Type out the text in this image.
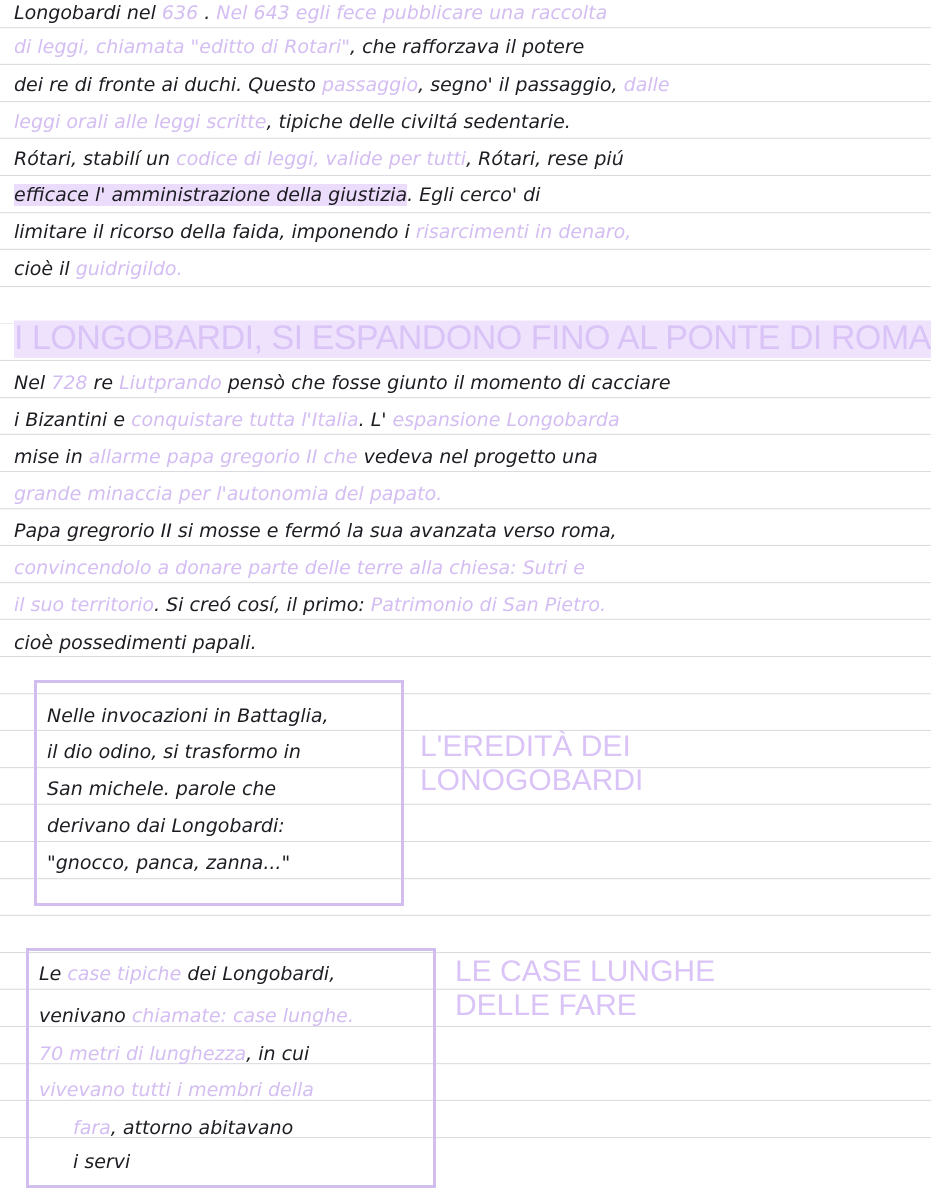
Longobardi nel 636 . Nel 643 egli fece pubblicare una raccolta
di leggi, chiamata "editto di Rotari", che rafforzava il potere
dei re di fronte ai duchi. Questo passaggio, segno' il passaggio, dalle
leggi orali alle leggi scritte, tipiche delle civiltá sedentarie.
Rótari, stabilí un codice di leggi, valide per tutti, Rótari, rese piú
efficace l' amministrazione della giustizia. Egli cerco' di
limitare il ricorso della faida, imponendo i risarcimenti in denaro,
cioè il guidrigildo.
I LONGOBARDI, SI ESPANDONO FINO AL PONTE DI ROMA
Nel 728 re Liutprando pensò che fosse giunto il momento di cacciare
i Bizantini e conquistare tutta l'Italia. L' espansione Longobarda
mise in allarme papa gregorio II che vedeva nel progetto una
grande minaccia per l'autonomia del papato.
Papa gregrorio II si mosse e fermó la sua avanzata verso roma,
convincendolo a donare parte delle terre alla chiesa: Sutri e
il suo territorio. Si creó cosí, il primo: Patrimonio di San Pietro.
cioè possedimenti papali.
Nelle invocazioni in Battaglia,
il dio odino, si trasformo in
San michele. parole che
derivano dai Longobardi:
"gnocco, panca, zanna..."
L'EREDITÀ DEI
LONOGOBARDI
Le case tipiche dei Longobardi,
venivano chiamate: case lunghe.
70 metri di lunghezza, in cui
vivevano tutti i membri della
fara, attorno abitavano
i servi
LE CASE LUNGHE
DELLE FARE
